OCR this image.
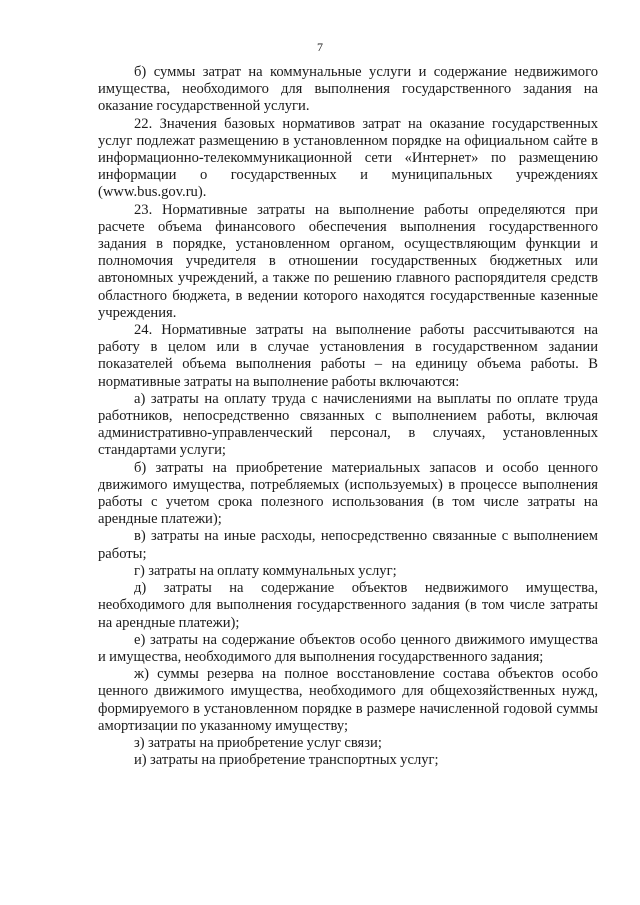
7

б) суммы затрат на коммунальные услуги и содержание недвижимого имущества, необходимого для выполнения государственного задания на оказание государственной услуги.

22. Значения базовых нормативов затрат на оказание государственных услуг подлежат размещению в установленном порядке на официальном сайте в информационно-телекоммуникационной сети «Интернет» по размещению информации о государственных и муниципальных учреждениях (www.bus.gov.ru).

23. Нормативные затраты на выполнение работы определяются при расчете объема финансового обеспечения выполнения государственного задания в порядке, установленном органом, осуществляющим функции и полномочия учредителя в отношении государственных бюджетных или автономных учреждений, а также по решению главного распорядителя средств областного бюджета, в ведении которого находятся государственные казенные учреждения.

24. Нормативные затраты на выполнение работы рассчитываются на работу в целом или в случае установления в государственном задании показателей объема выполнения работы – на единицу объема работы. В нормативные затраты на выполнение работы включаются:

а) затраты на оплату труда с начислениями на выплаты по оплате труда работников, непосредственно связанных с выполнением работы, включая административно-управленческий персонал, в случаях, установленных стандартами услуги;

б) затраты на приобретение материальных запасов и особо ценного движимого имущества, потребляемых (используемых) в процессе выполнения работы с учетом срока полезного использования (в том числе затраты на арендные платежи);

в) затраты на иные расходы, непосредственно связанные с выполнением работы;

г) затраты на оплату коммунальных услуг;

д) затраты на содержание объектов недвижимого имущества, необходимого для выполнения государственного задания (в том числе затраты на арендные платежи);

е) затраты на содержание объектов особо ценного движимого имущества и имущества, необходимого для выполнения государственного задания;

ж) суммы резерва на полное восстановление состава объектов особо ценного движимого имущества, необходимого для общехозяйственных нужд, формируемого в установленном порядке в размере начисленной годовой суммы амортизации по указанному имуществу;

з) затраты на приобретение услуг связи;

и) затраты на приобретение транспортных услуг;
